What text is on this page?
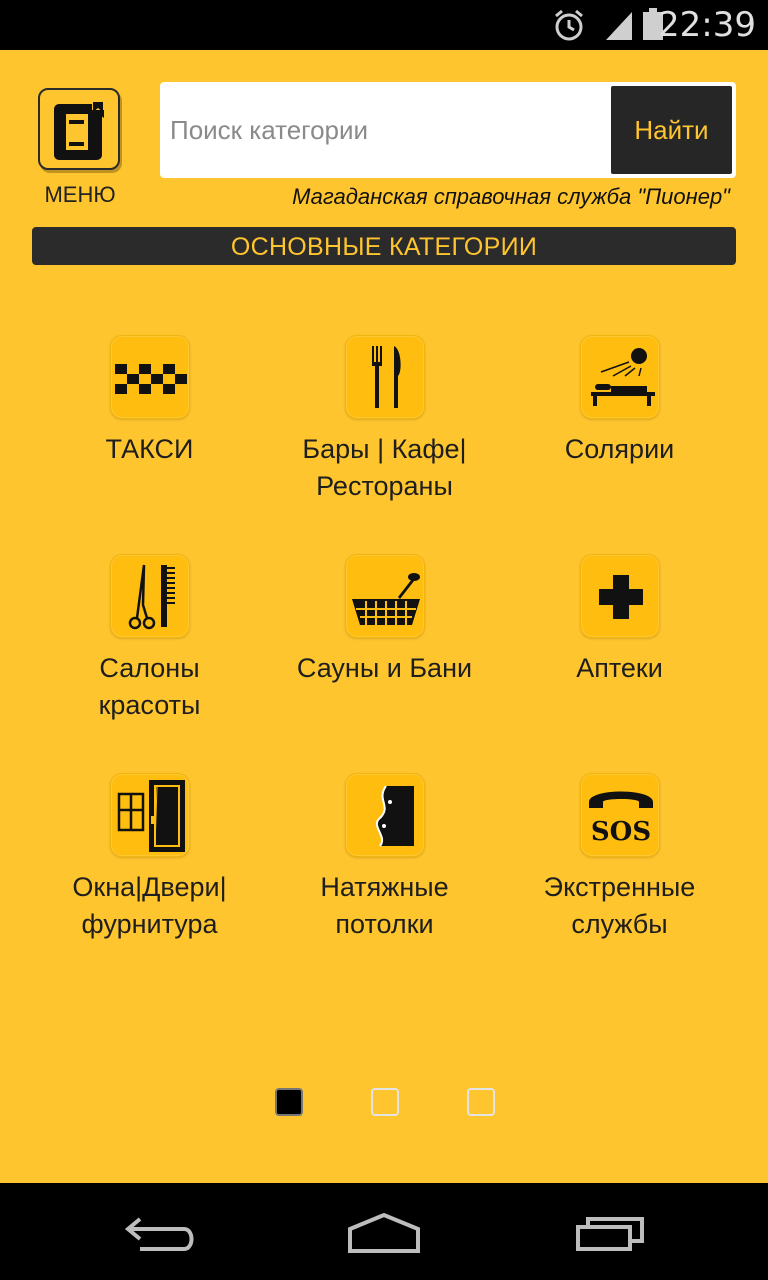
22:39
МЕНЮ
Поиск категории
Найти
Магаданская справочная служба "Пионер"
ОСНОВНЫЕ КАТЕГОРИИ
ТАКСИ	Бары | Кафе| Рестораны
Солярии
Салоны красоты
Сауны и Бани	Аптеки
Окна|Двери| фурнитура
Натяжные потолки
SOS
Экстренные службы
